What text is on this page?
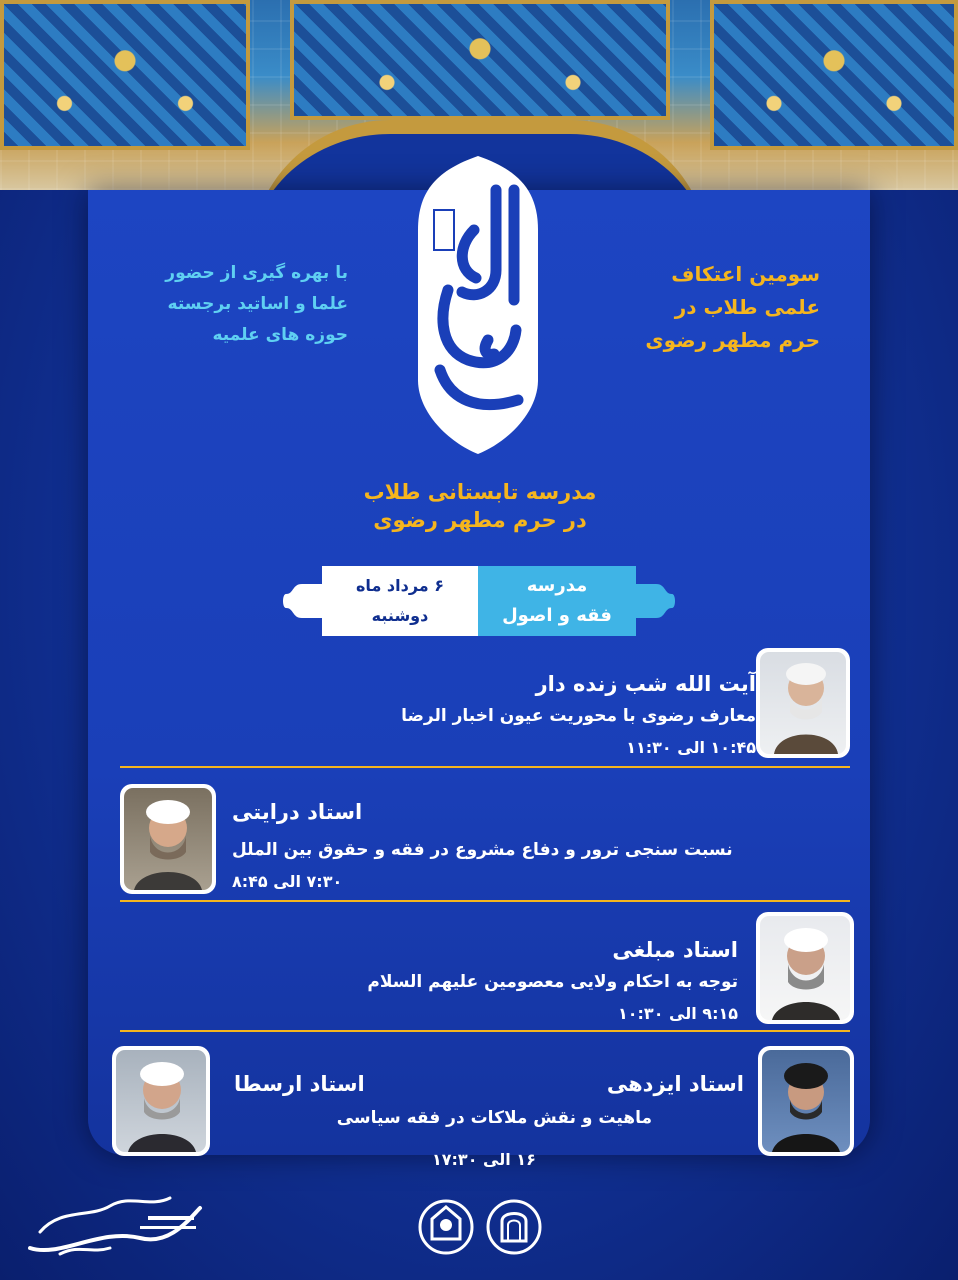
سومین اعتکاف
علمی طلاب در
حرم مطهر رضوی
با بهره گیری از حضور
علما و اساتید برجسته
حوزه های علمیه
مدرسه تابستانی طلاب
در حرم مطهر رضوی
۶ مرداد ماه
دوشنبه
مدرسه
فقه و اصول
آیت الله شب زنده دار
معارف رضوی با محوریت عیون اخبار الرضا
۱۰:۴۵ الی ۱۱:۳۰
استاد درایتی
نسبت سنجی ترور و دفاع مشروع در فقه و حقوق بین الملل
۷:۳۰ الی ۸:۴۵
استاد مبلغی
توجه به احکام ولایی معصومین علیهم السلام
۹:۱۵ الی ۱۰:۳۰
استاد ایزدهی
استاد ارسطا
ماهیت و نقش ملاکات در فقه سیاسی
۱۶ الی ۱۷:۳۰
